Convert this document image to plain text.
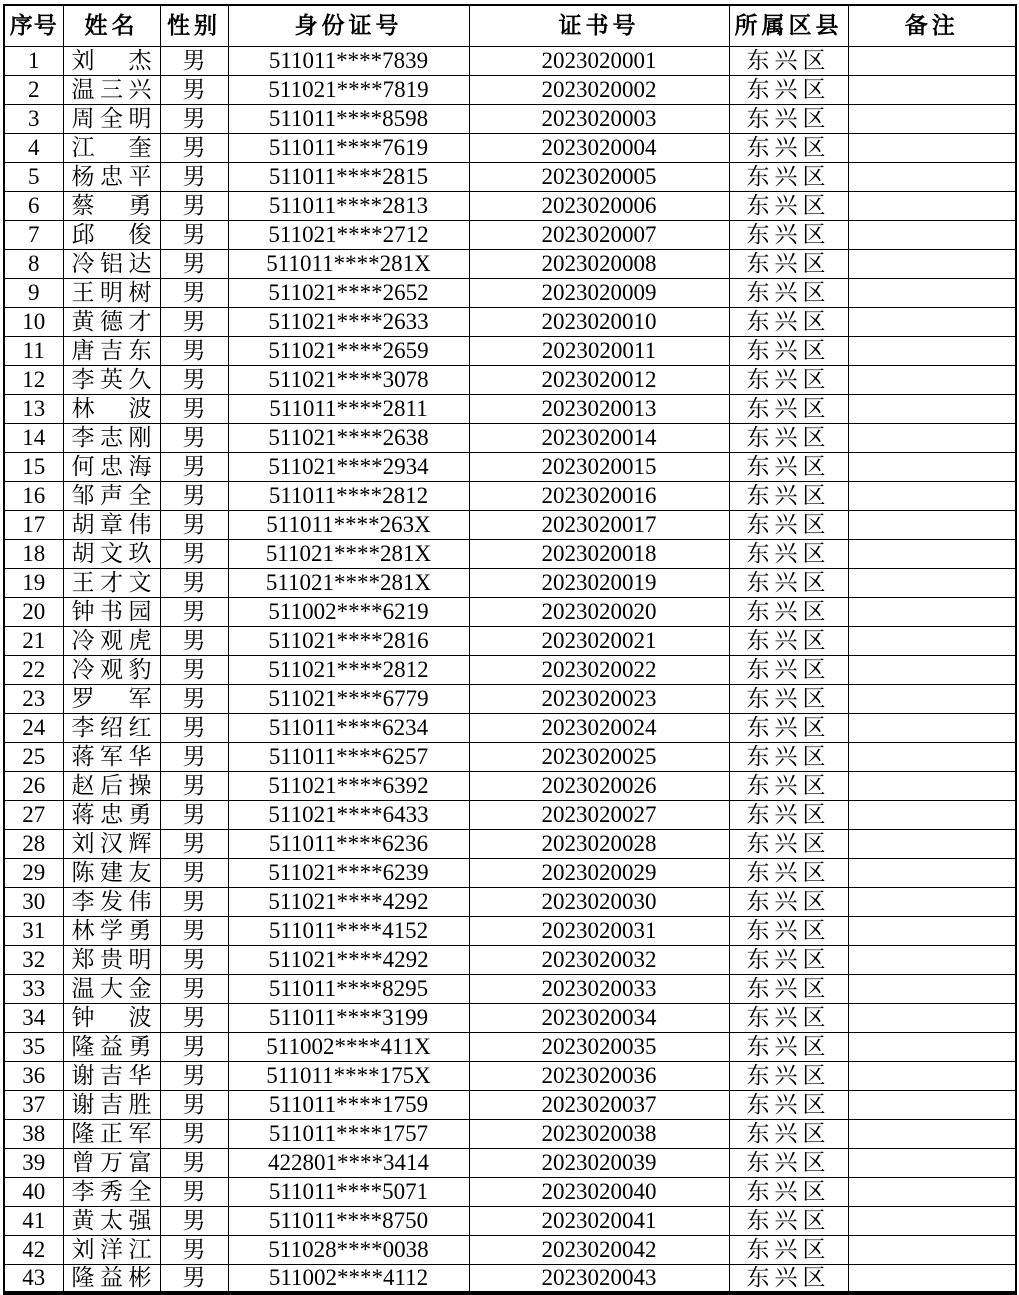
序号	姓名	性别	身份证号	证书号	所属区县	备注
1	刘　杰	男	511011****7839	2023020001	东兴区	
2	温三兴	男	511021****7819	2023020002	东兴区	
3	周全明	男	511011****8598	2023020003	东兴区	
4	江　奎	男	511011****7619	2023020004	东兴区	
5	杨忠平	男	511011****2815	2023020005	东兴区	
6	蔡　勇	男	511011****2813	2023020006	东兴区	
7	邱　俊	男	511021****2712	2023020007	东兴区	
8	冷铝达	男	511011****281X	2023020008	东兴区	
9	王明树	男	511021****2652	2023020009	东兴区	
10	黄德才	男	511021****2633	2023020010	东兴区	
11	唐吉东	男	511021****2659	2023020011	东兴区	
12	李英久	男	511021****3078	2023020012	东兴区	
13	林　波	男	511011****2811	2023020013	东兴区	
14	李志刚	男	511021****2638	2023020014	东兴区	
15	何忠海	男	511021****2934	2023020015	东兴区	
16	邹声全	男	511011****2812	2023020016	东兴区	
17	胡章伟	男	511011****263X	2023020017	东兴区	
18	胡文玖	男	511021****281X	2023020018	东兴区	
19	王才文	男	511021****281X	2023020019	东兴区	
20	钟书园	男	511002****6219	2023020020	东兴区	
21	冷观虎	男	511021****2816	2023020021	东兴区	
22	冷观豹	男	511021****2812	2023020022	东兴区	
23	罗　军	男	511021****6779	2023020023	东兴区	
24	李绍红	男	511011****6234	2023020024	东兴区	
25	蒋军华	男	511011****6257	2023020025	东兴区	
26	赵后操	男	511021****6392	2023020026	东兴区	
27	蒋忠勇	男	511021****6433	2023020027	东兴区	
28	刘汉辉	男	511011****6236	2023020028	东兴区	
29	陈建友	男	511021****6239	2023020029	东兴区	
30	李发伟	男	511021****4292	2023020030	东兴区	
31	林学勇	男	511011****4152	2023020031	东兴区	
32	郑贵明	男	511021****4292	2023020032	东兴区	
33	温大金	男	511011****8295	2023020033	东兴区	
34	钟　波	男	511011****3199	2023020034	东兴区	
35	隆益勇	男	511002****411X	2023020035	东兴区	
36	谢吉华	男	511011****175X	2023020036	东兴区	
37	谢吉胜	男	511011****1759	2023020037	东兴区	
38	隆正军	男	511011****1757	2023020038	东兴区	
39	曾万富	男	422801****3414	2023020039	东兴区	
40	李秀全	男	511011****5071	2023020040	东兴区	
41	黄太强	男	511011****8750	2023020041	东兴区	
42	刘洋江	男	511028****0038	2023020042	东兴区	
43	隆益彬	男	511002****4112	2023020043	东兴区	
